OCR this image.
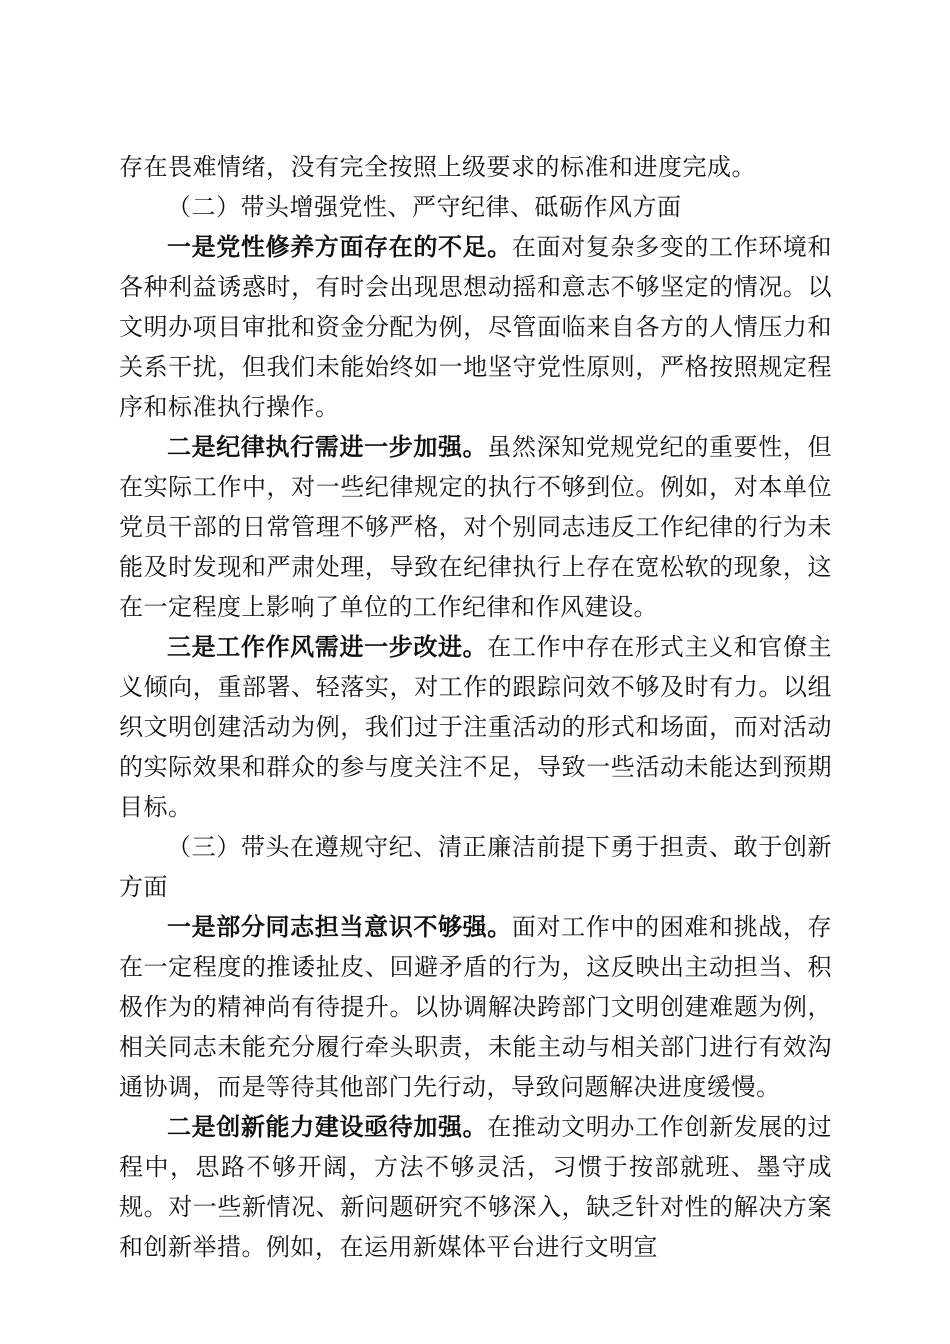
存在畏难情绪，没有完全按照上级要求的标准和进度完成。

（二）带头增强党性、严守纪律、砥砺作风方面

一是党性修养方面存在的不足。在面对复杂多变的工作环境和各种利益诱惑时，有时会出现思想动摇和意志不够坚定的情况。以文明办项目审批和资金分配为例，尽管面临来自各方的人情压力和关系干扰，但我们未能始终如一地坚守党性原则，严格按照规定程序和标准执行操作。

二是纪律执行需进一步加强。虽然深知党规党纪的重要性，但在实际工作中，对一些纪律规定的执行不够到位。例如，对本单位党员干部的日常管理不够严格，对个别同志违反工作纪律的行为未能及时发现和严肃处理，导致在纪律执行上存在宽松软的现象，这在一定程度上影响了单位的工作纪律和作风建设。

三是工作作风需进一步改进。在工作中存在形式主义和官僚主义倾向，重部署、轻落实，对工作的跟踪问效不够及时有力。以组织文明创建活动为例，我们过于注重活动的形式和场面，而对活动的实际效果和群众的参与度关注不足，导致一些活动未能达到预期目标。

（三）带头在遵规守纪、清正廉洁前提下勇于担责、敢于创新方面

一是部分同志担当意识不够强。面对工作中的困难和挑战，存在一定程度的推诿扯皮、回避矛盾的行为，这反映出主动担当、积极作为的精神尚有待提升。以协调解决跨部门文明创建难题为例，相关同志未能充分履行牵头职责，未能主动与相关部门进行有效沟通协调，而是等待其他部门先行动，导致问题解决进度缓慢。

二是创新能力建设亟待加强。在推动文明办工作创新发展的过程中，思路不够开阔，方法不够灵活，习惯于按部就班、墨守成规。对一些新情况、新问题研究不够深入，缺乏针对性的解决方案和创新举措。例如，在运用新媒体平台进行文明宣
